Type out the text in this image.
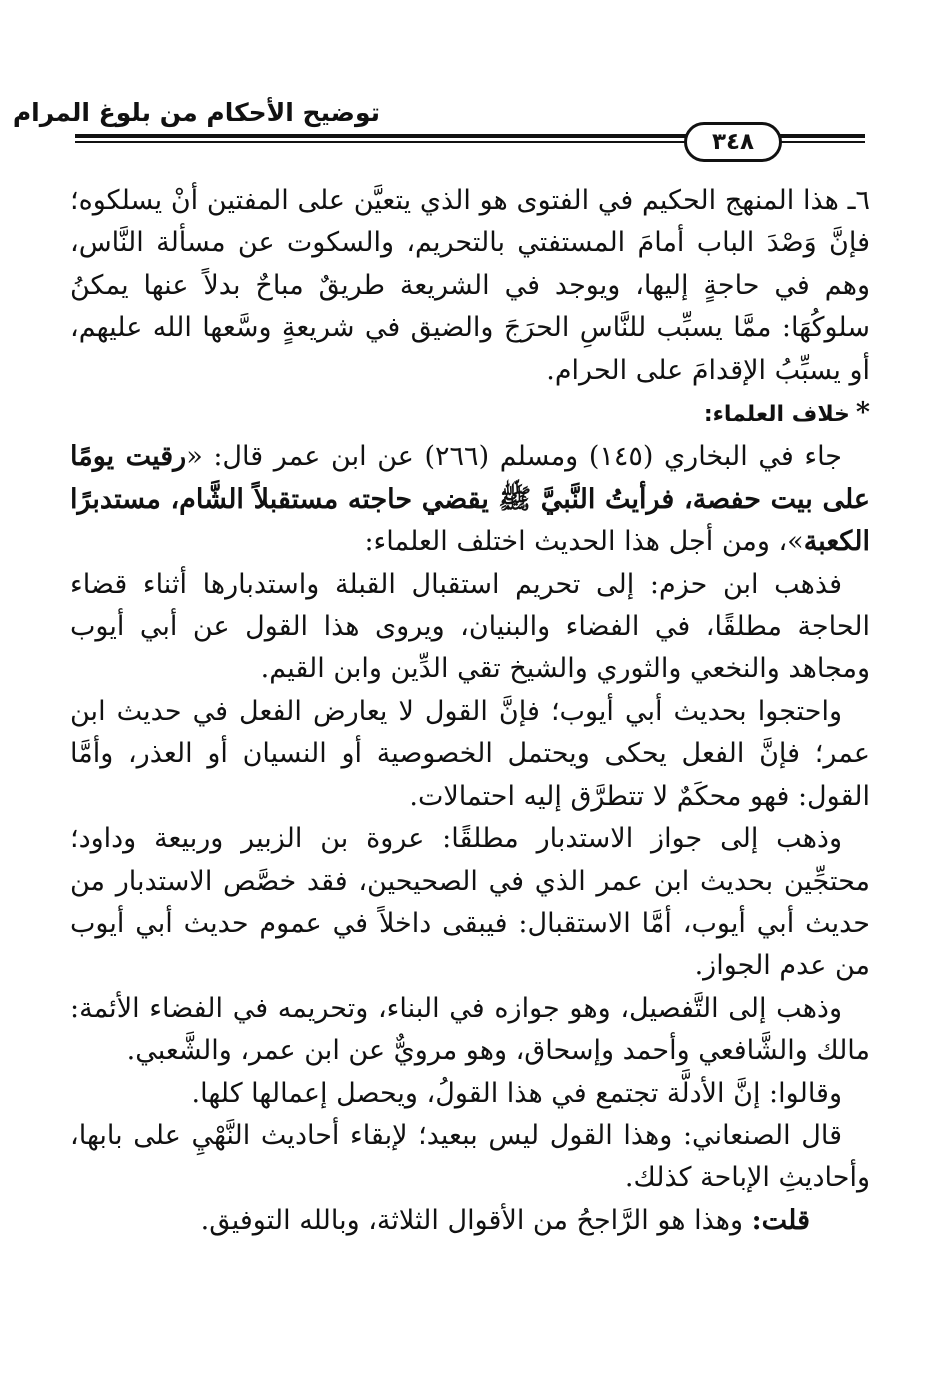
توضيح الأحكام من بلوغ المرام
٣٤٨

٦ـ هذا المنهج الحكيم في الفتوى هو الذي يتعيَّن على المفتين أنْ يسلكوه؛ فإنَّ وَصْدَ الباب أمامَ المستفتي بالتحريم، والسكوت عن مسألة النَّاس، وهم في حاجةٍ إليها، ويوجد في الشريعة طريقٌ مباحٌ بدلاً عنها يمكنُ سلوكُهَا: ممَّا يسبِّب للنَّاسِ الحرَجَ والضيق في شريعةٍ وسَّعها الله عليهم، أو يسبِّبُ الإقدامَ على الحرام.

*خلاف العلماء:

جاء في البخاري (١٤٥) ومسلم (٢٦٦) عن ابن عمر قال: «رقيت يومًا على بيت حفصة، فرأيتُ النَّبيَّ ﷺ يقضي حاجته مستقبلاً الشَّام، مستدبرًا الكعبة»، ومن أجل هذا الحديث اختلف العلماء:

فذهب ابن حزم: إلى تحريم استقبال القبلة واستدبارها أثناء قضاء الحاجة مطلقًا، في الفضاء والبنيان، ويروى هذا القول عن أبي أيوب ومجاهد والنخعي والثوري والشيخ تقي الدِّين وابن القيم.

واحتجوا بحديث أبي أيوب؛ فإنَّ القول لا يعارض الفعل في حديث ابن عمر؛ فإنَّ الفعل يحكى ويحتمل الخصوصية أو النسيان أو العذر، وأمَّا القول: فهو محكَمٌ لا تتطرَّق إليه احتمالات.

وذهب إلى جواز الاستدبار مطلقًا: عروة بن الزبير وربيعة وداود؛ محتجِّين بحديث ابن عمر الذي في الصحيحين، فقد خصَّص الاستدبار من حديث أبي أيوب، أمَّا الاستقبال: فيبقى داخلاً في عموم حديث أبي أيوب من عدم الجواز.

وذهب إلى التَّفصيل، وهو جوازه في البناء، وتحريمه في الفضاء الأئمة: مالك والشَّافعي وأحمد وإسحاق، وهو مرويٌّ عن ابن عمر، والشَّعبي.

وقالوا: إنَّ الأدلَّة تجتمع في هذا القولُ، ويحصل إعمالها كلها.

قال الصنعاني: وهذا القول ليس ببعيد؛ لإبقاء أحاديث النَّهْيِ على بابها، وأحاديثِ الإباحة كذلك.

قلت: وهذا هو الرَّاجحُ من الأقوال الثلاثة، وبالله التوفيق.
